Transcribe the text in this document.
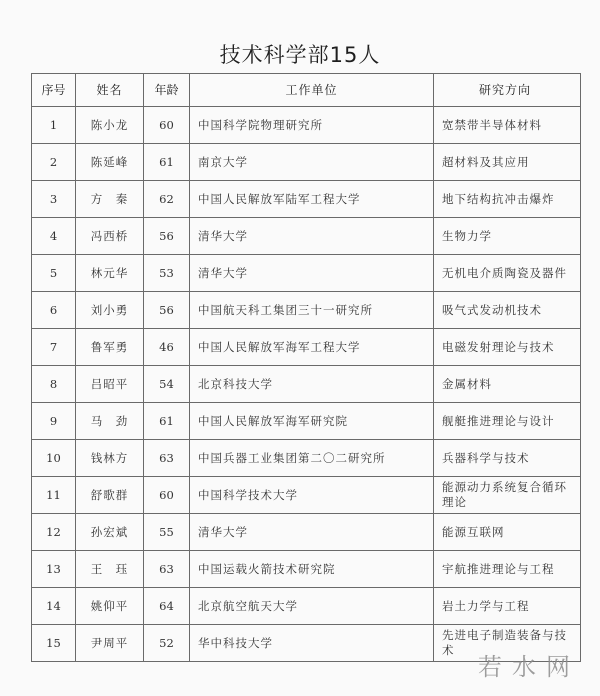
技术科学部15人
序号	姓名	年龄	工作单位	研究方向
1	陈小龙	60	中国科学院物理研究所	宽禁带半导体材料
2	陈延峰	61	南京大学	超材料及其应用
3	方　秦	62	中国人民解放军陆军工程大学	地下结构抗冲击爆炸
4	冯西桥	56	清华大学	生物力学
5	林元华	53	清华大学	无机电介质陶瓷及器件
6	刘小勇	56	中国航天科工集团三十一研究所	吸气式发动机技术
7	鲁军勇	46	中国人民解放军海军工程大学	电磁发射理论与技术
8	吕昭平	54	北京科技大学	金属材料
9	马　劲	61	中国人民解放军海军研究院	舰艇推进理论与设计
10	钱林方	63	中国兵器工业集团第二〇二研究所	兵器科学与技术
11	舒歌群	60	中国科学技术大学	能源动力系统复合循环理论
12	孙宏斌	55	清华大学	能源互联网
13	王　珏	63	中国运载火箭技术研究院	宇航推进理论与工程
14	姚仰平	64	北京航空航天大学	岩土力学与工程
15	尹周平	52	华中科技大学	先进电子制造装备与技术
若水网
